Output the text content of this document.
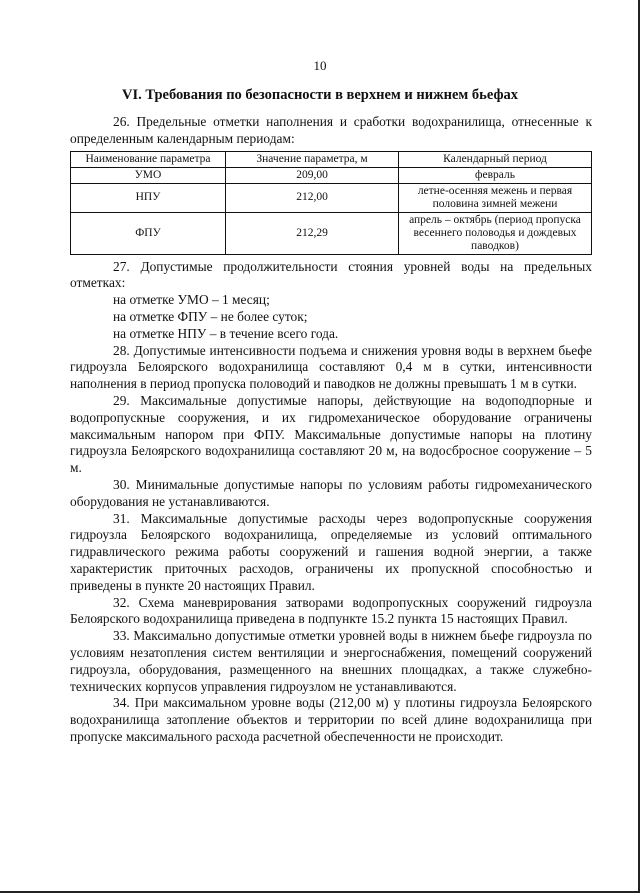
10
VI. Требования по безопасности в верхнем и нижнем бьефах

26. Предельные отметки наполнения и сработки водохранилища, отнесенные к определенным календарным периодам:

Наименование параметра	Значение параметра, м	Календарный период
УМО	209,00	февраль
НПУ	212,00	летне-осенняя межень и первая половина зимней межени
ФПУ	212,29	апрель – октябрь (период пропуска весеннего половодья и дождевых паводков)

27. Допустимые продолжительности стояния уровней воды на предельных отметках:

на отметке УМО – 1 месяц;

на отметке ФПУ – не более суток;

на отметке НПУ – в течение всего года.

28. Допустимые интенсивности подъема и снижения уровня воды в верхнем бьефе гидроузла Белоярского водохранилища составляют 0,4 м в сутки, интенсивности наполнения в период пропуска половодий и паводков не должны превышать 1 м в сутки.

29. Максимальные допустимые напоры, действующие на водоподпорные и водопропускные сооружения, и их гидромеханическое оборудование ограничены максимальным напором при ФПУ. Максимальные допустимые напоры на плотину гидроузла Белоярского водохранилища составляют 20 м, на водосбросное сооружение – 5 м.

30. Минимальные допустимые напоры по условиям работы гидромеханического оборудования не устанавливаются.

31. Максимальные допустимые расходы через водопропускные сооружения гидроузла Белоярского водохранилища, определяемые из условий оптимального гидравлического режима работы сооружений и гашения водной энергии, а также характеристик приточных расходов, ограничены их пропускной способностью и приведены в пункте 20 настоящих Правил.

32. Схема маневрирования затворами водопропускных сооружений гидроузла Белоярского водохранилища приведена в подпункте 15.2 пункта 15 настоящих Правил.

33. Максимально допустимые отметки уровней воды в нижнем бьефе гидроузла по условиям незатопления систем вентиляции и энергоснабжения, помещений сооружений гидроузла, оборудования, размещенного на внешних площадках, а также служебно-технических корпусов управления гидроузлом не устанавливаются.

34. При максимальном уровне воды (212,00 м) у плотины гидроузла Белоярского водохранилища затопление объектов и территории по всей длине водохранилища при пропуске максимального расхода расчетной обеспеченности не происходит.
